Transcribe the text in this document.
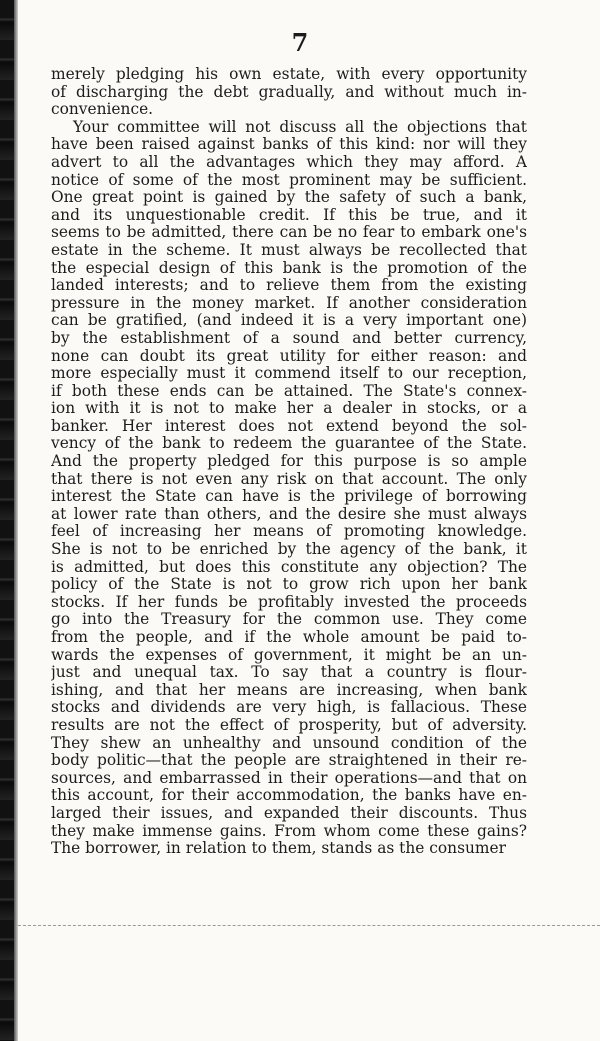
7
merely pledging his own estate, with every opportunity
of discharging the debt gradually, and without much in-
convenience.
Your committee will not discuss all the objections that
have been raised against banks of this kind: nor will they
advert to all the advantages which they may afford. A
notice of some of the most prominent may be sufficient.
One great point is gained by the safety of such a bank,
and its unquestionable credit. If this be true, and it
seems to be admitted, there can be no fear to embark one's
estate in the scheme. It must always be recollected that
the especial design of this bank is the promotion of the
landed interests; and to relieve them from the existing
pressure in the money market. If another consideration
can be gratified, (and indeed it is a very important one)
by the establishment of a sound and better currency,
none can doubt its great utility for either reason: and
more especially must it commend itself to our reception,
if both these ends can be attained. The State's connex-
ion with it is not to make her a dealer in stocks, or a
banker. Her interest does not extend beyond the sol-
vency of the bank to redeem the guarantee of the State.
And the property pledged for this purpose is so ample
that there is not even any risk on that account. The only
interest the State can have is the privilege of borrowing
at lower rate than others, and the desire she must always
feel of increasing her means of promoting knowledge.
She is not to be enriched by the agency of the bank, it
is admitted, but does this constitute any objection? The
policy of the State is not to grow rich upon her bank
stocks. If her funds be profitably invested the proceeds
go into the Treasury for the common use. They come
from the people, and if the whole amount be paid to-
wards the expenses of government, it might be an un-
just and unequal tax. To say that a country is flour-
ishing, and that her means are increasing, when bank
stocks and dividends are very high, is fallacious. These
results are not the effect of prosperity, but of adversity.
They shew an unhealthy and unsound condition of the
body politic—that the people are straightened in their re-
sources, and embarrassed in their operations—and that on
this account, for their accommodation, the banks have en-
larged their issues, and expanded their discounts. Thus
they make immense gains. From whom come these gains?
The borrower, in relation to them, stands as the consumer
